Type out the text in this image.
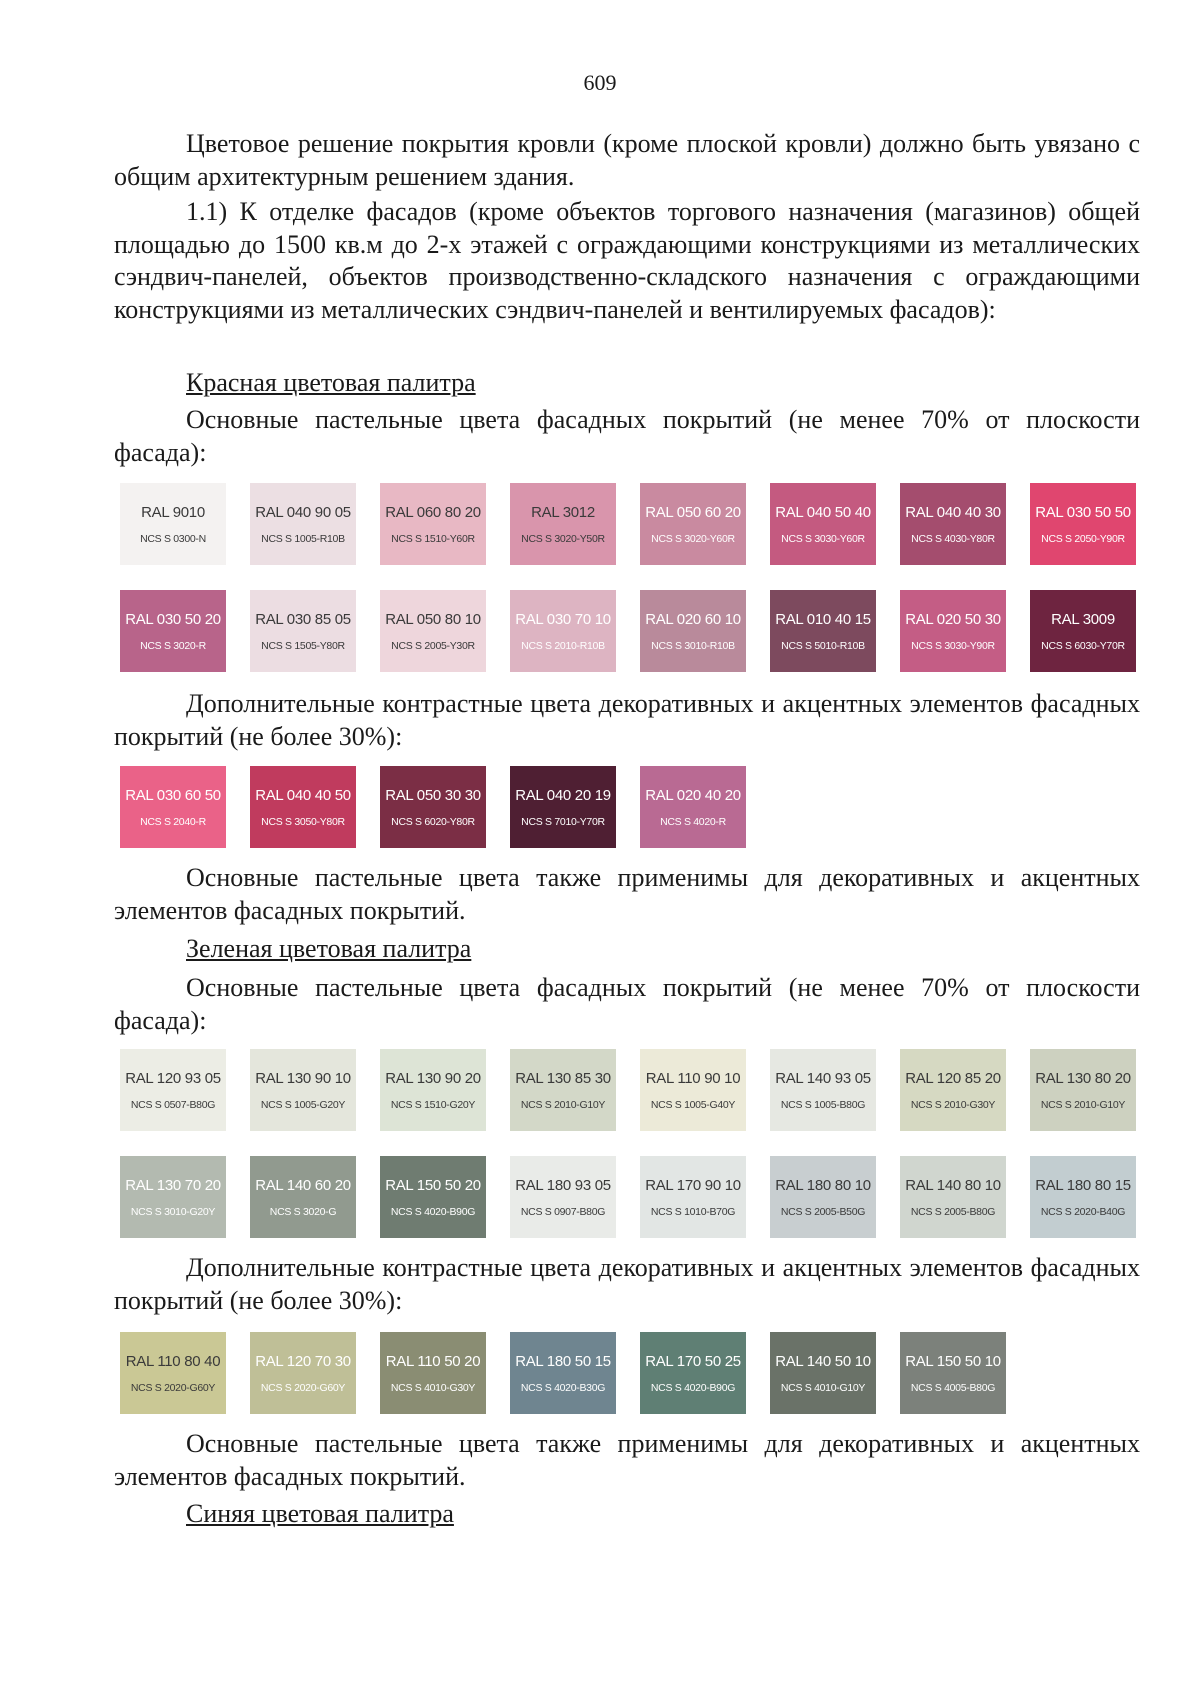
609

Цветовое решение покрытия кровли (кроме плоской кровли) должно быть увязано с общим архитектурным решением здания.

1.1) К отделке фасадов (кроме объектов торгового назначения (магазинов) общей площадью до 1500 кв.м до 2-х этажей с ограждающими конструкциями из металлических сэндвич-панелей, объектов производственно-складского назначения с ограждающими конструкциями из металлических сэндвич-панелей и вентилируемых фасадов):

Красная цветовая палитра

Основные пастельные цвета фасадных покрытий (не менее 70% от плоскости фасада):

RAL 9010
NCS S 0300-N
RAL 040 90 05
NCS S 1005-R10B
RAL 060 80 20
NCS S 1510-Y60R
RAL 3012
NCS S 3020-Y50R
RAL 050 60 20
NCS S 3020-Y60R
RAL 040 50 40
NCS S 3030-Y60R
RAL 040 40 30
NCS S 4030-Y80R
RAL 030 50 50
NCS S 2050-Y90R
RAL 030 50 20
NCS S 3020-R
RAL 030 85 05
NCS S 1505-Y80R
RAL 050 80 10
NCS S 2005-Y30R
RAL 030 70 10
NCS S 2010-R10B
RAL 020 60 10
NCS S 3010-R10B
RAL 010 40 15
NCS S 5010-R10B
RAL 020 50 30
NCS S 3030-Y90R
RAL 3009
NCS S 6030-Y70R

Дополнительные контрастные цвета декоративных и акцентных элементов фасадных покрытий (не более 30%):

RAL 030 60 50
NCS S 2040-R
RAL 040 40 50
NCS S 3050-Y80R
RAL 050 30 30
NCS S 6020-Y80R
RAL 040 20 19
NCS S 7010-Y70R
RAL 020 40 20
NCS S 4020-R

Основные пастельные цвета также применимы для декоративных и акцентных элементов фасадных покрытий.

Зеленая цветовая палитра

Основные пастельные цвета фасадных покрытий (не менее 70% от плоскости фасада):

RAL 120 93 05
NCS S 0507-B80G
RAL 130 90 10
NCS S 1005-G20Y
RAL 130 90 20
NCS S 1510-G20Y
RAL 130 85 30
NCS S 2010-G10Y
RAL 110 90 10
NCS S 1005-G40Y
RAL 140 93 05
NCS S 1005-B80G
RAL 120 85 20
NCS S 2010-G30Y
RAL 130 80 20
NCS S 2010-G10Y
RAL 130 70 20
NCS S 3010-G20Y
RAL 140 60 20
NCS S 3020-G
RAL 150 50 20
NCS S 4020-B90G
RAL 180 93 05
NCS S 0907-B80G
RAL 170 90 10
NCS S 1010-B70G
RAL 180 80 10
NCS S 2005-B50G
RAL 140 80 10
NCS S 2005-B80G
RAL 180 80 15
NCS S 2020-B40G

Дополнительные контрастные цвета декоративных и акцентных элементов фасадных покрытий (не более 30%):

RAL 110 80 40
NCS S 2020-G60Y
RAL 120 70 30
NCS S 2020-G60Y
RAL 110 50 20
NCS S 4010-G30Y
RAL 180 50 15
NCS S 4020-B30G
RAL 170 50 25
NCS S 4020-B90G
RAL 140 50 10
NCS S 4010-G10Y
RAL 150 50 10
NCS S 4005-B80G

Основные пастельные цвета также применимы для декоративных и акцентных элементов фасадных покрытий.

Синяя цветовая палитра
